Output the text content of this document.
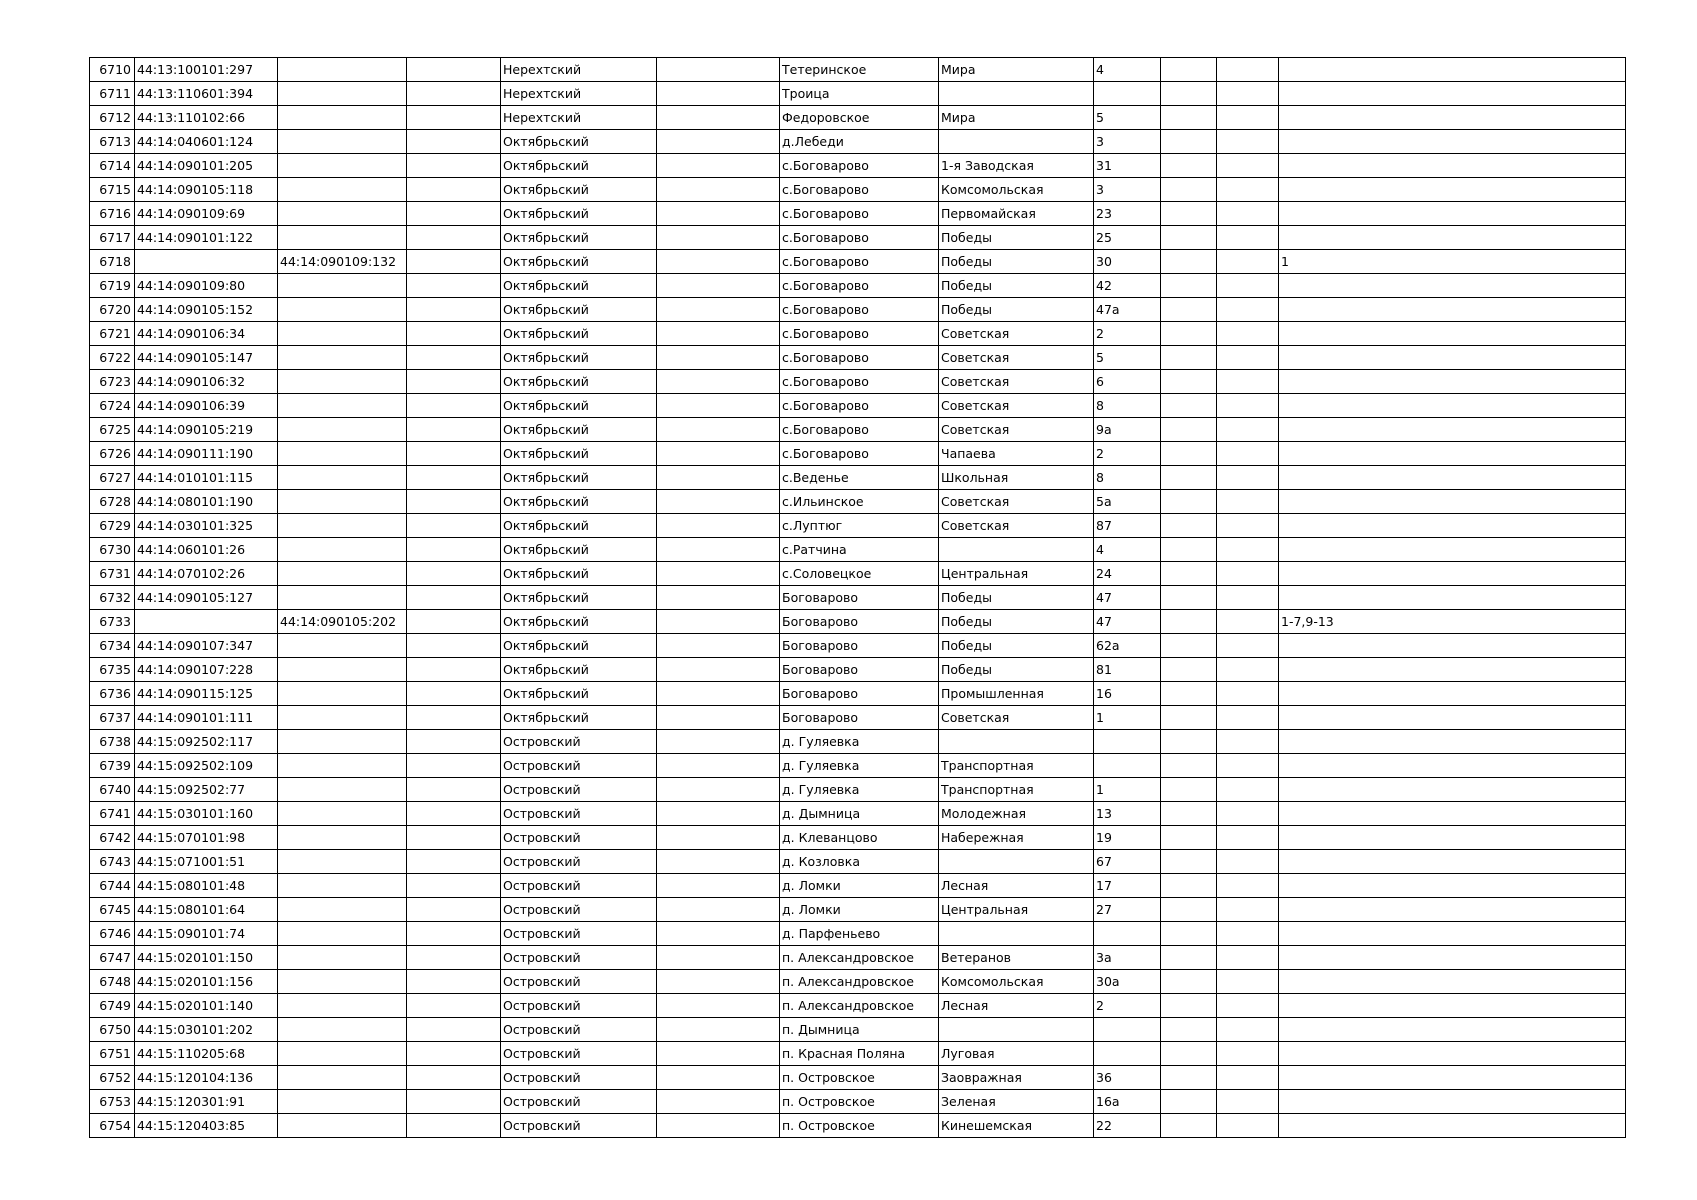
6710	44:13:100101:297			Нерехтский		Тетеринское	Мира	4			
6711	44:13:110601:394			Нерехтский		Троица					
6712	44:13:110102:66			Нерехтский		Федоровское	Мира	5			
6713	44:14:040601:124			Октябрьский		д.Лебеди		3			
6714	44:14:090101:205			Октябрьский		с.Боговарово	1-я Заводская	31			
6715	44:14:090105:118			Октябрьский		с.Боговарово	Комсомольская	3			
6716	44:14:090109:69			Октябрьский		с.Боговарово	Первомайская	23			
6717	44:14:090101:122			Октябрьский		с.Боговарово	Победы	25			
6718		44:14:090109:132		Октябрьский		с.Боговарово	Победы	30			1
6719	44:14:090109:80			Октябрьский		с.Боговарово	Победы	42			
6720	44:14:090105:152			Октябрьский		с.Боговарово	Победы	47а			
6721	44:14:090106:34			Октябрьский		с.Боговарово	Советская	2			
6722	44:14:090105:147			Октябрьский		с.Боговарово	Советская	5			
6723	44:14:090106:32			Октябрьский		с.Боговарово	Советская	6			
6724	44:14:090106:39			Октябрьский		с.Боговарово	Советская	8			
6725	44:14:090105:219			Октябрьский		с.Боговарово	Советская	9а			
6726	44:14:090111:190			Октябрьский		с.Боговарово	Чапаева	2			
6727	44:14:010101:115			Октябрьский		с.Веденье	Школьная	8			
6728	44:14:080101:190			Октябрьский		с.Ильинское	Советская	5а			
6729	44:14:030101:325			Октябрьский		с.Луптюг	Советская	87			
6730	44:14:060101:26			Октябрьский		с.Ратчина		4			
6731	44:14:070102:26			Октябрьский		с.Соловецкое	Центральная	24			
6732	44:14:090105:127			Октябрьский		Боговарово	Победы	47			
6733		44:14:090105:202		Октябрьский		Боговарово	Победы	47			1-7,9-13
6734	44:14:090107:347			Октябрьский		Боговарово	Победы	62а			
6735	44:14:090107:228			Октябрьский		Боговарово	Победы	81			
6736	44:14:090115:125			Октябрьский		Боговарово	Промышленная	16			
6737	44:14:090101:111			Октябрьский		Боговарово	Советская	1			
6738	44:15:092502:117			Островский		д. Гуляевка					
6739	44:15:092502:109			Островский		д. Гуляевка	Транспортная				
6740	44:15:092502:77			Островский		д. Гуляевка	Транспортная	1			
6741	44:15:030101:160			Островский		д. Дымница	Молодежная	13			
6742	44:15:070101:98			Островский		д. Клеванцово	Набережная	19			
6743	44:15:071001:51			Островский		д. Козловка		67			
6744	44:15:080101:48			Островский		д. Ломки	Лесная	17			
6745	44:15:080101:64			Островский		д. Ломки	Центральная	27			
6746	44:15:090101:74			Островский		д. Парфеньево					
6747	44:15:020101:150			Островский		п. Александровское	Ветеранов	3а			
6748	44:15:020101:156			Островский		п. Александровское	Комсомольская	30а			
6749	44:15:020101:140			Островский		п. Александровское	Лесная	2			
6750	44:15:030101:202			Островский		п. Дымница					
6751	44:15:110205:68			Островский		п. Красная Поляна	Луговая				
6752	44:15:120104:136			Островский		п. Островское	Заовражная	36			
6753	44:15:120301:91			Островский		п. Островское	Зеленая	16а			
6754	44:15:120403:85			Островский		п. Островское	Кинешемская	22			
